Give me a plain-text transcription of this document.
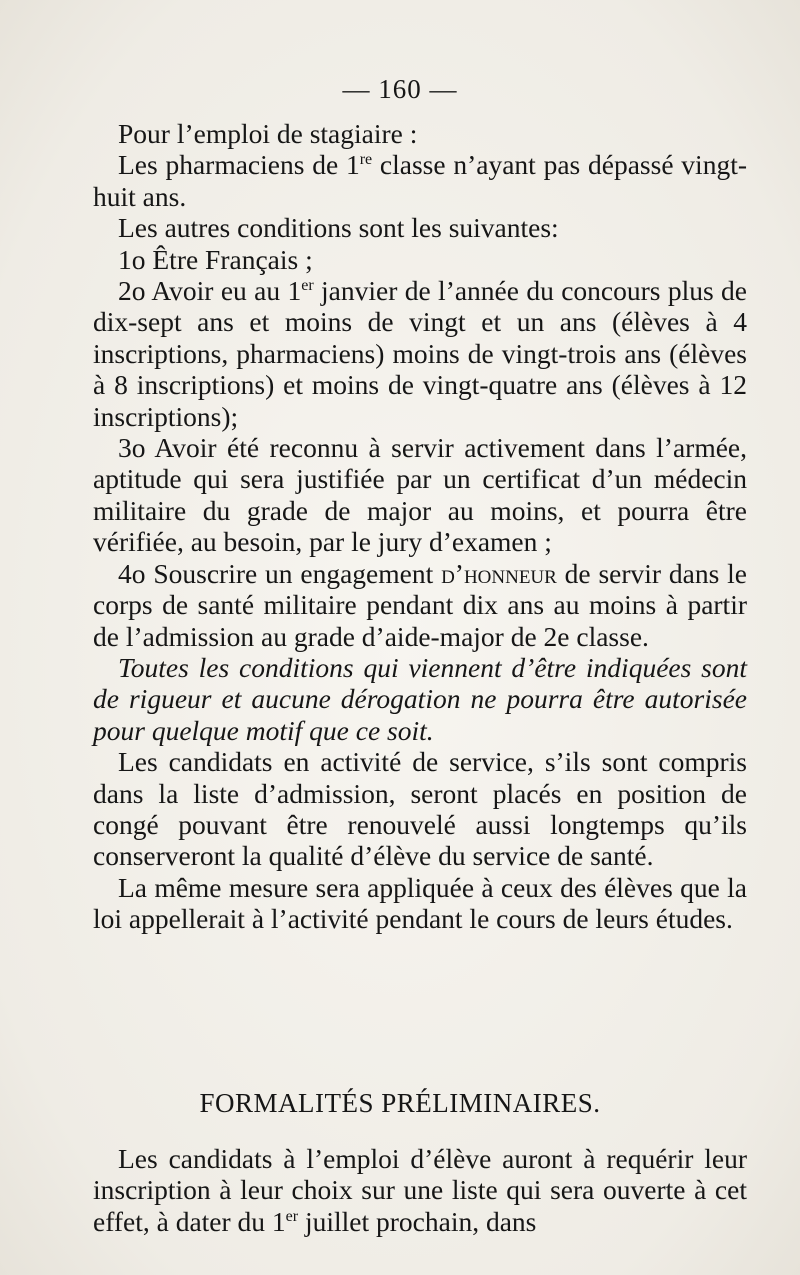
— 160 —

Pour l’emploi de stagiaire :

Les pharmaciens de 1re classe n’ayant pas dépassé vingt-huit ans.

Les autres conditions sont les suivantes:

1o Être Français ;

2o Avoir eu au 1er janvier de l’année du concours plus de dix-sept ans et moins de vingt et un ans (élèves à 4 inscriptions, pharmaciens) moins de vingt-trois ans (élèves à 8 inscriptions) et moins de vingt-quatre ans (élèves à 12 inscriptions);

3o Avoir été reconnu à servir activement dans l’armée, aptitude qui sera justifiée par un certificat d’un médecin militaire du grade de major au moins, et pourra être vérifiée, au besoin, par le jury d’examen ;

4o Souscrire un engagement d’honneur de servir dans le corps de santé militaire pendant dix ans au moins à partir de l’admission au grade d’aide-major de 2e classe.

Toutes les conditions qui viennent d’être indiquées sont de rigueur et aucune dérogation ne pourra être autorisée pour quelque motif que ce soit.

Les candidats en activité de service, s’ils sont compris dans la liste d’admission, seront placés en position de congé pouvant être renouvelé aussi longtemps qu’ils conserveront la qualité d’élève du service de santé.

La même mesure sera appliquée à ceux des élèves que la loi appellerait à l’activité pendant le cours de leurs études.

FORMALITÉS PRÉLIMINAIRES.

Les candidats à l’emploi d’élève auront à requérir leur inscription à leur choix sur une liste qui sera ouverte à cet effet, à dater du 1er juillet prochain, dans
